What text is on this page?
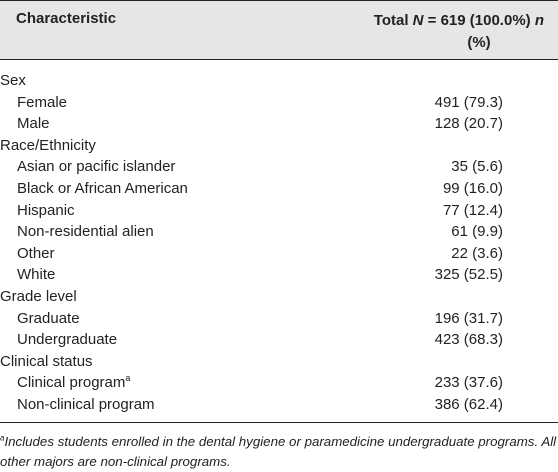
Characteristic	Total N = 619 (100.0%) n
(%)
Sex
Female	491 (79.3)
Male	128 (20.7)
Race/Ethnicity
Asian or pacific islander	35 (5.6)
Black or African American	99 (16.0)
Hispanic	77 (12.4)
Non-residential alien	61 (9.9)
Other	22 (3.6)
White	325 (52.5)
Grade level
Graduate	196 (31.7)
Undergraduate	423 (68.3)
Clinical status
Clinical program$^a$	233 (37.6)
Non-clinical program	386 (62.4)
$^a$Includes students enrolled in the dental hygiene or paramedicine undergraduate programs. All other majors are non-clinical programs.
